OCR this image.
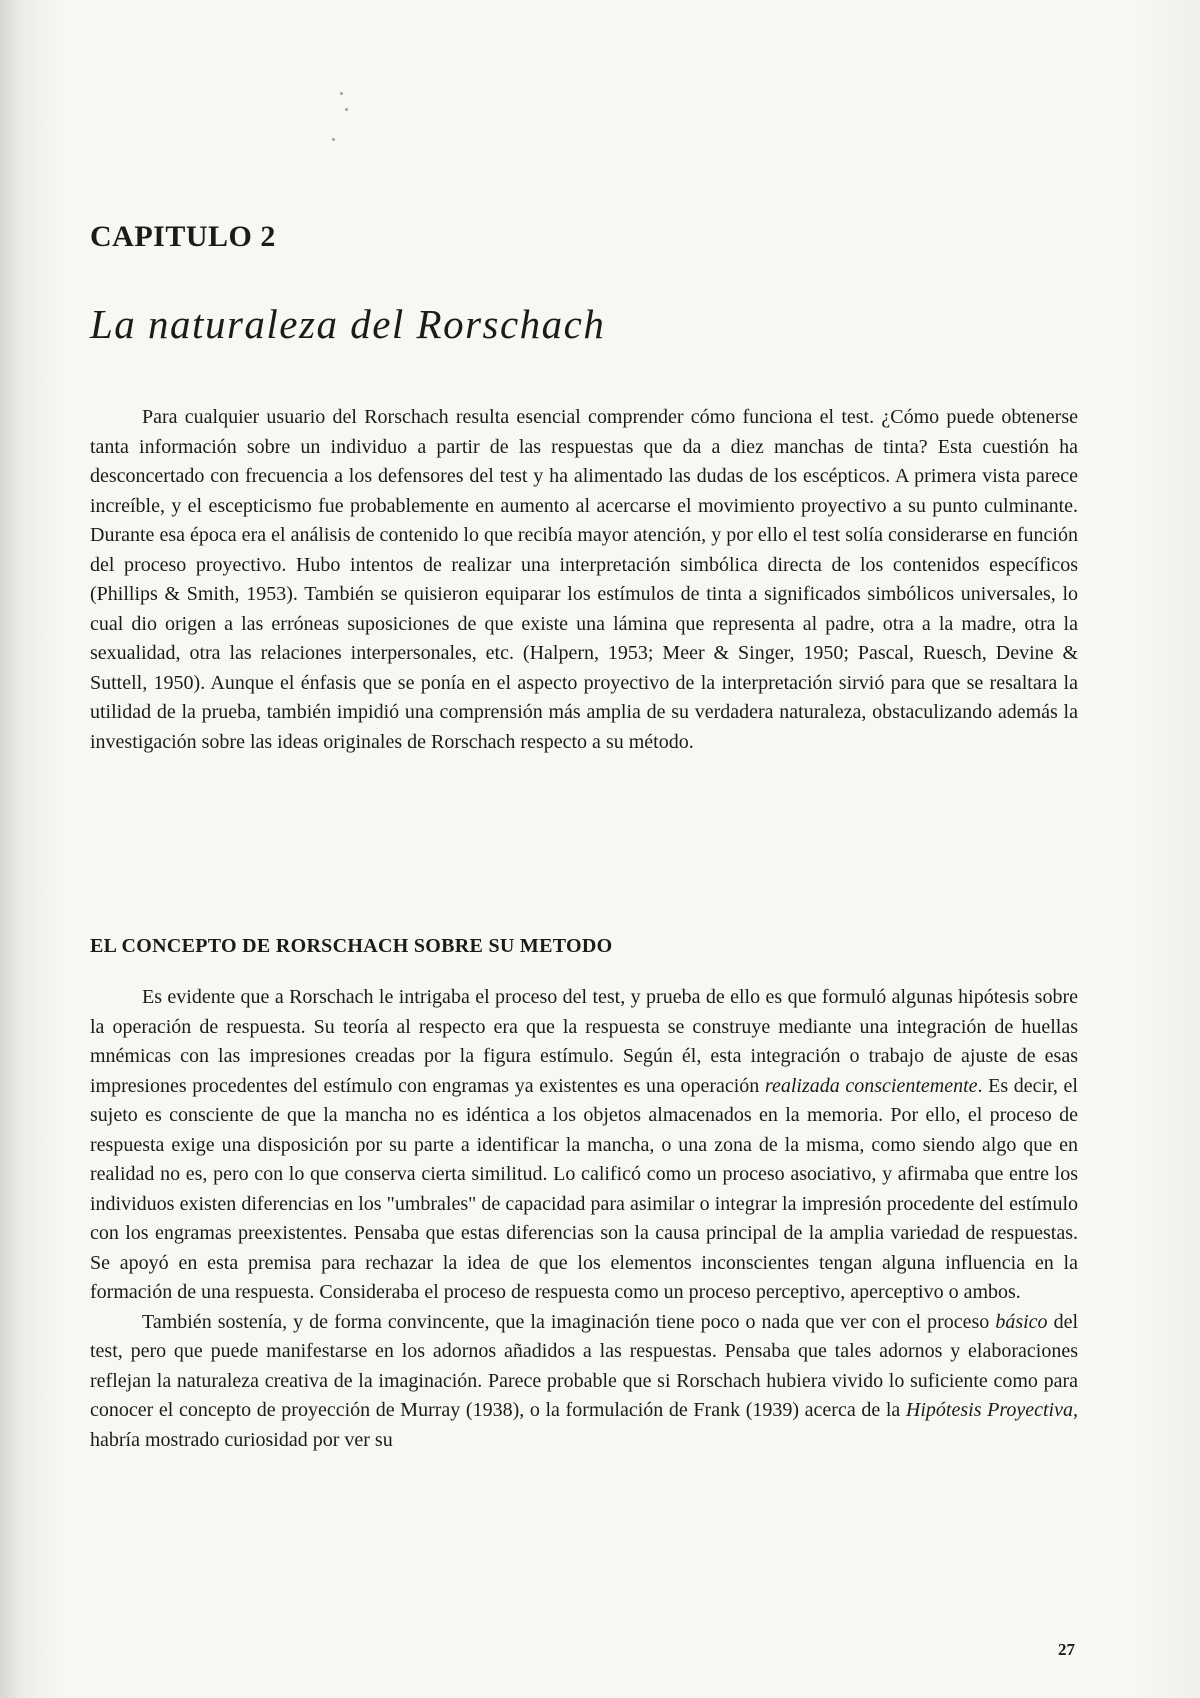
CAPITULO 2
La naturaleza del Rorschach

Para cualquier usuario del Rorschach resulta esencial comprender cómo funciona el test. ¿Cómo puede obtenerse tanta información sobre un individuo a partir de las respuestas que da a diez manchas de tinta? Esta cuestión ha desconcertado con frecuencia a los defensores del test y ha alimentado las dudas de los escépticos. A primera vista parece increíble, y el escepticismo fue probablemente en aumento al acercarse el movimiento proyectivo a su punto culminante. Durante esa época era el análisis de contenido lo que recibía mayor atención, y por ello el test solía considerarse en función del proceso proyectivo. Hubo intentos de realizar una interpretación simbólica directa de los contenidos específicos (Phillips & Smith, 1953). También se quisieron equiparar los estímulos de tinta a significados simbólicos universales, lo cual dio origen a las erróneas suposiciones de que existe una lámina que representa al padre, otra a la madre, otra la sexualidad, otra las relaciones interpersonales, etc. (Halpern, 1953; Meer & Singer, 1950; Pascal, Ruesch, Devine & Suttell, 1950). Aunque el énfasis que se ponía en el aspecto proyectivo de la interpretación sirvió para que se resaltara la utilidad de la prueba, también impidió una comprensión más amplia de su verdadera naturaleza, obstaculizando además la investigación sobre las ideas originales de Rorschach respecto a su método.

EL CONCEPTO DE RORSCHACH SOBRE SU METODO

Es evidente que a Rorschach le intrigaba el proceso del test, y prueba de ello es que formuló algunas hipótesis sobre la operación de respuesta. Su teoría al respecto era que la respuesta se construye mediante una integración de huellas mnémicas con las impresiones creadas por la figura estímulo. Según él, esta integración o trabajo de ajuste de esas impresiones procedentes del estímulo con engramas ya existentes es una operación realizada conscientemente. Es decir, el sujeto es consciente de que la mancha no es idéntica a los objetos almacenados en la memoria. Por ello, el proceso de respuesta exige una disposición por su parte a identificar la mancha, o una zona de la misma, como siendo algo que en realidad no es, pero con lo que conserva cierta similitud. Lo calificó como un proceso asociativo, y afirmaba que entre los individuos existen diferencias en los "umbrales" de capacidad para asimilar o integrar la impresión procedente del estímulo con los engramas preexistentes. Pensaba que estas diferencias son la causa principal de la amplia variedad de respuestas. Se apoyó en esta premisa para rechazar la idea de que los elementos inconscientes tengan alguna influencia en la formación de una respuesta. Consideraba el proceso de respuesta como un proceso perceptivo, aperceptivo o ambos.

También sostenía, y de forma convincente, que la imaginación tiene poco o nada que ver con el proceso básico del test, pero que puede manifestarse en los adornos añadidos a las respuestas. Pensaba que tales adornos y elaboraciones reflejan la naturaleza creativa de la imaginación. Parece probable que si Rorschach hubiera vivido lo suficiente como para conocer el concepto de proyección de Murray (1938), o la formulación de Frank (1939) acerca de la Hipótesis Proyectiva, habría mostrado curiosidad por ver su

27
